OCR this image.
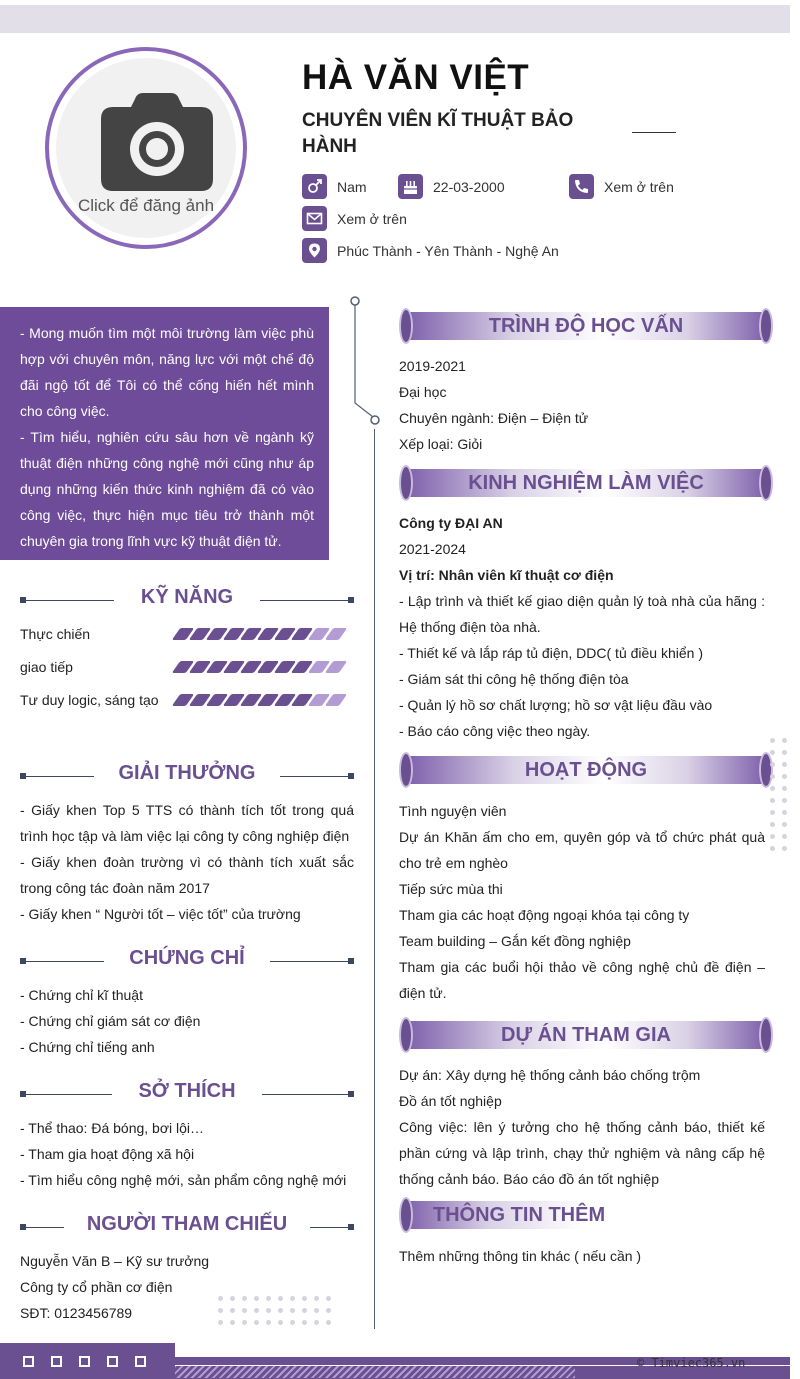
Click để đăng ảnh
HÀ VĂN VIỆT
CHUYÊN VIÊN KĨ THUẬT BẢO HÀNH
Nam	22-03-2000	Xem ở trên
Xem ở trên
Phúc Thành - Yên Thành - Nghệ An
- Mong muốn tìm một môi trường làm việc phù hợp với chuyên môn, năng lực với một chế độ đãi ngộ tốt để Tôi có thể cống hiến hết mình cho công việc.
- Tìm hiểu, nghiên cứu sâu hơn về ngành kỹ thuật điện những công nghệ mới cũng như áp dụng những kiến thức kinh nghiệm đã có vào công việc, thực hiện mục tiêu trở thành một chuyên gia trong lĩnh vực kỹ thuật điện tử.
KỸ NĂNG
Thực chiến
giao tiếp
Tư duy logic, sáng tạo
GIẢI THƯỞNG
- Giấy khen Top 5 TTS có thành tích tốt trong quá trình học tập và làm việc lại công ty công nghiệp điện
- Giấy khen đoàn trường vì có thành tích xuất sắc trong công tác đoàn năm 2017
- Giấy khen “ Người tốt – việc tốt” của trường
CHỨNG CHỈ
- Chứng chỉ kĩ thuật
- Chứng chỉ giám sát cơ điện
- Chứng chỉ tiếng anh
SỞ THÍCH
- Thể thao: Đá bóng, bơi lội…
- Tham gia hoạt động xã hội
- Tìm hiểu công nghệ mới, sản phẩm công nghệ mới
NGƯỜI THAM CHIẾU
Nguyễn Văn B – Kỹ sư trưởng
Công ty cổ phần cơ điện
SĐT: 0123456789
TRÌNH ĐỘ HỌC VẤN
2019-2021
Đại học
Chuyên ngành: Điện – Điện tử
Xếp loại: Giỏi
KINH NGHIỆM LÀM VIỆC
Công ty ĐẠI AN
2021-2024
Vị trí: Nhân viên kĩ thuật cơ điện
- Lập trình và thiết kế giao diện quản lý toà nhà của hãng : Hệ thống điện tòa nhà.
- Thiết kế và lắp ráp tủ điện, DDC( tủ điều khiển )
- Giám sát thi công hệ thống điện tòa
- Quản lý hồ sơ chất lượng; hồ sơ vật liệu đầu vào
- Báo cáo công việc theo ngày.
HOẠT ĐỘNG
Tình nguyện viên
Dự án Khăn ấm cho em, quyên góp và tổ chức phát quà cho trẻ em nghèo
Tiếp sức mùa thi
Tham gia các hoạt động ngoại khóa tại công ty
Team building – Gắn kết đồng nghiệp
Tham gia các buổi hội thảo về công nghệ chủ đề điện – điện tử.
DỰ ÁN THAM GIA
Dự án: Xây dựng hệ thống cảnh báo chống trộm
Đồ án tốt nghiệp
Công việc: lên ý tưởng cho hệ thống cảnh báo, thiết kế phần cứng và lập trình, chạy thử nghiệm và nâng cấp hệ thống cảnh báo. Báo cáo đồ án tốt nghiệp
THÔNG TIN THÊM
Thêm những thông tin khác ( nếu cần )
© Timviec365.vn
